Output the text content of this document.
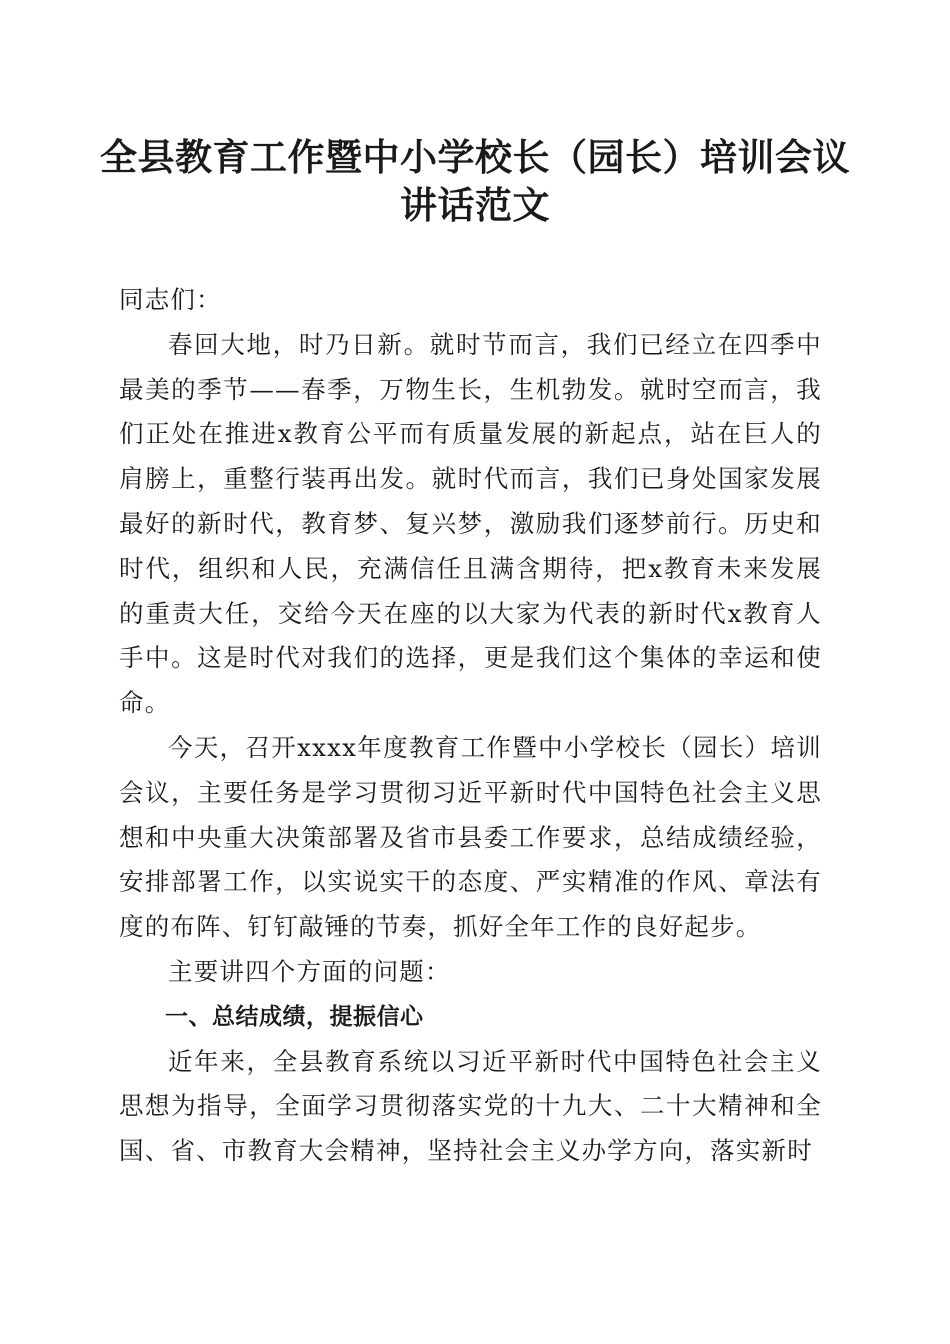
全县教育工作暨中小学校长（园长）培训会议
讲话范文

同志们：

春回大地，时乃日新。就时节而言，我们已经立在四季中最美的季节——春季，万物生长，生机勃发。就时空而言，我们正处在推进x教育公平而有质量发展的新起点，站在巨人的肩膀上，重整行装再出发。就时代而言，我们已身处国家发展最好的新时代，教育梦、复兴梦，激励我们逐梦前行。历史和时代，组织和人民，充满信任且满含期待，把x教育未来发展的重责大任，交给今天在座的以大家为代表的新时代x教育人手中。这是时代对我们的选择，更是我们这个集体的幸运和使命。

今天，召开xxxx年度教育工作暨中小学校长（园长）培训会议，主要任务是学习贯彻习近平新时代中国特色社会主义思想和中央重大决策部署及省市县委工作要求，总结成绩经验，安排部署工作，以实说实干的态度、严实精准的作风、章法有度的布阵、钉钉敲锤的节奏，抓好全年工作的良好起步。

主要讲四个方面的问题：

一、总结成绩，提振信心

近年来，全县教育系统以习近平新时代中国特色社会主义思想为指导，全面学习贯彻落实党的十九大、二十大精神和全国、省、市教育大会精神，坚持社会主义办学方向，落实新时
